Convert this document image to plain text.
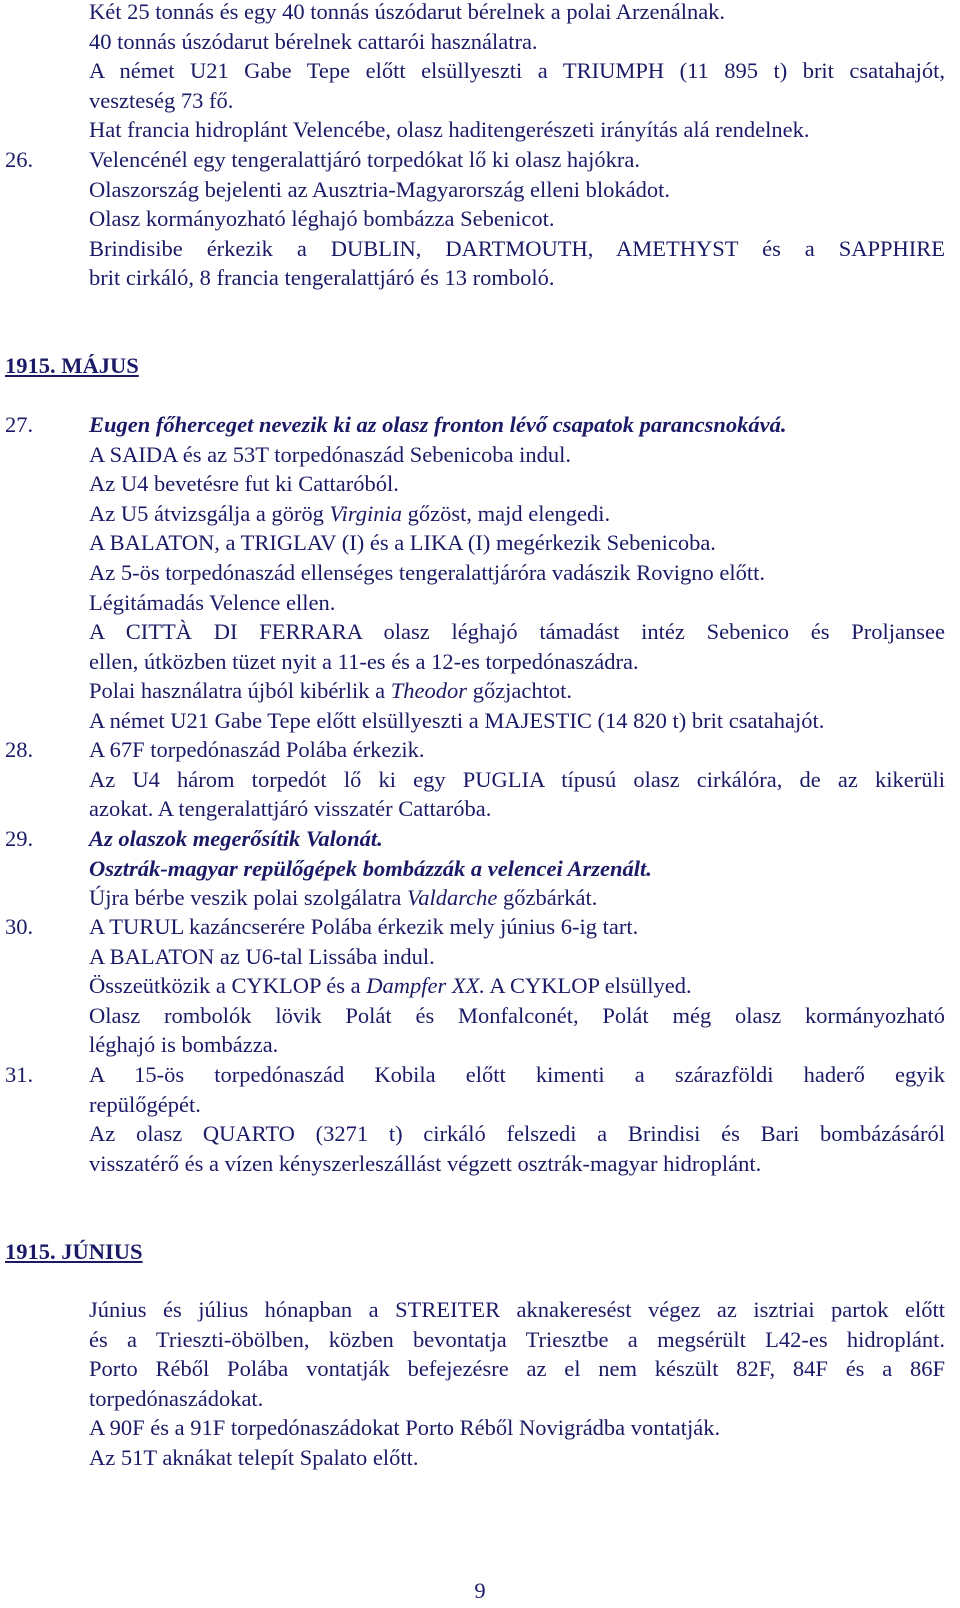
Két 25 tonnás és egy 40 tonnás úszódarut bérelnek a polai Arzenálnak.
40 tonnás úszódarut bérelnek cattarói használatra.
A német U21 Gabe Tepe előtt elsüllyeszti a TRIUMPH (11 895 t) brit csatahajót,
veszteség 73 fő.
Hat francia hidroplánt Velencébe, olasz haditengerészeti irányítás alá rendelnek.
26. Velencénél egy tengeralattjáró torpedókat lő ki olasz hajókra.
Olaszország bejelenti az Ausztria-Magyarország elleni blokádot.
Olasz kormányozható léghajó bombázza Sebenicot.
Brindisibe érkezik a DUBLIN, DARTMOUTH, AMETHYST és a SAPPHIRE
brit cirkáló, 8 francia tengeralattjáró és 13 romboló.
1915. MÁJUS
27. Eugen főherceget nevezik ki az olasz fronton lévő csapatok parancsnokává.
A SAIDA és az 53T torpedónaszád Sebenicoba indul.
Az U4 bevetésre fut ki Cattaróból.
Az U5 átvizsgálja a görög Virginia gőzöst, majd elengedi.
A BALATON, a TRIGLAV (I) és a LIKA (I) megérkezik Sebenicoba.
Az 5-ös torpedónaszád ellenséges tengeralattjáróra vadászik Rovigno előtt.
Légitámadás Velence ellen.
A CITTÀ DI FERRARA olasz léghajó támadást intéz Sebenico és Proljansee
ellen, útközben tüzet nyit a 11-es és a 12-es torpedónaszádra.
Polai használatra újból kibérlik a Theodor gőzjachtot.
A német U21 Gabe Tepe előtt elsüllyeszti a MAJESTIC (14 820 t) brit csatahajót.
28. A 67F torpedónaszád Polába érkezik.
Az U4 három torpedót lő ki egy PUGLIA típusú olasz cirkálóra, de az kikerüli
azokat. A tengeralattjáró visszatér Cattaróba.
29. Az olaszok megerősítik Valonát.
Osztrák-magyar repülőgépek bombázzák a velencei Arzenált.
Újra bérbe veszik polai szolgálatra Valdarche gőzbárkát.
30. A TURUL kazáncserére Polába érkezik mely június 6-ig tart.
A BALATON az U6-tal Lissába indul.
Összeütközik a CYKLOP és a Dampfer XX. A CYKLOP elsüllyed.
Olasz rombolók lövik Polát és Monfalconét, Polát még olasz kormányozható
léghajó is bombázza.
31. A 15-ös torpedónaszád Kobila előtt kimenti a szárazföldi haderő egyik
repülőgépét.
Az olasz QUARTO (3271 t) cirkáló felszedi a Brindisi és Bari bombázásáról
visszatérő és a vízen kényszerleszállást végzett osztrák-magyar hidroplánt.
1915. JÚNIUS
Június és július hónapban a STREITER aknakeresést végez az isztriai partok előtt
és a Trieszti-öbölben, közben bevontatja Triesztbe a megsérült L42-es hidroplánt.
Porto Réből Polába vontatják befejezésre az el nem készült 82F, 84F és a 86F
torpedónaszádokat.
A 90F és a 91F torpedónaszádokat Porto Réből Novigrádba vontatják.
Az 51T aknákat telepít Spalato előtt.
9
